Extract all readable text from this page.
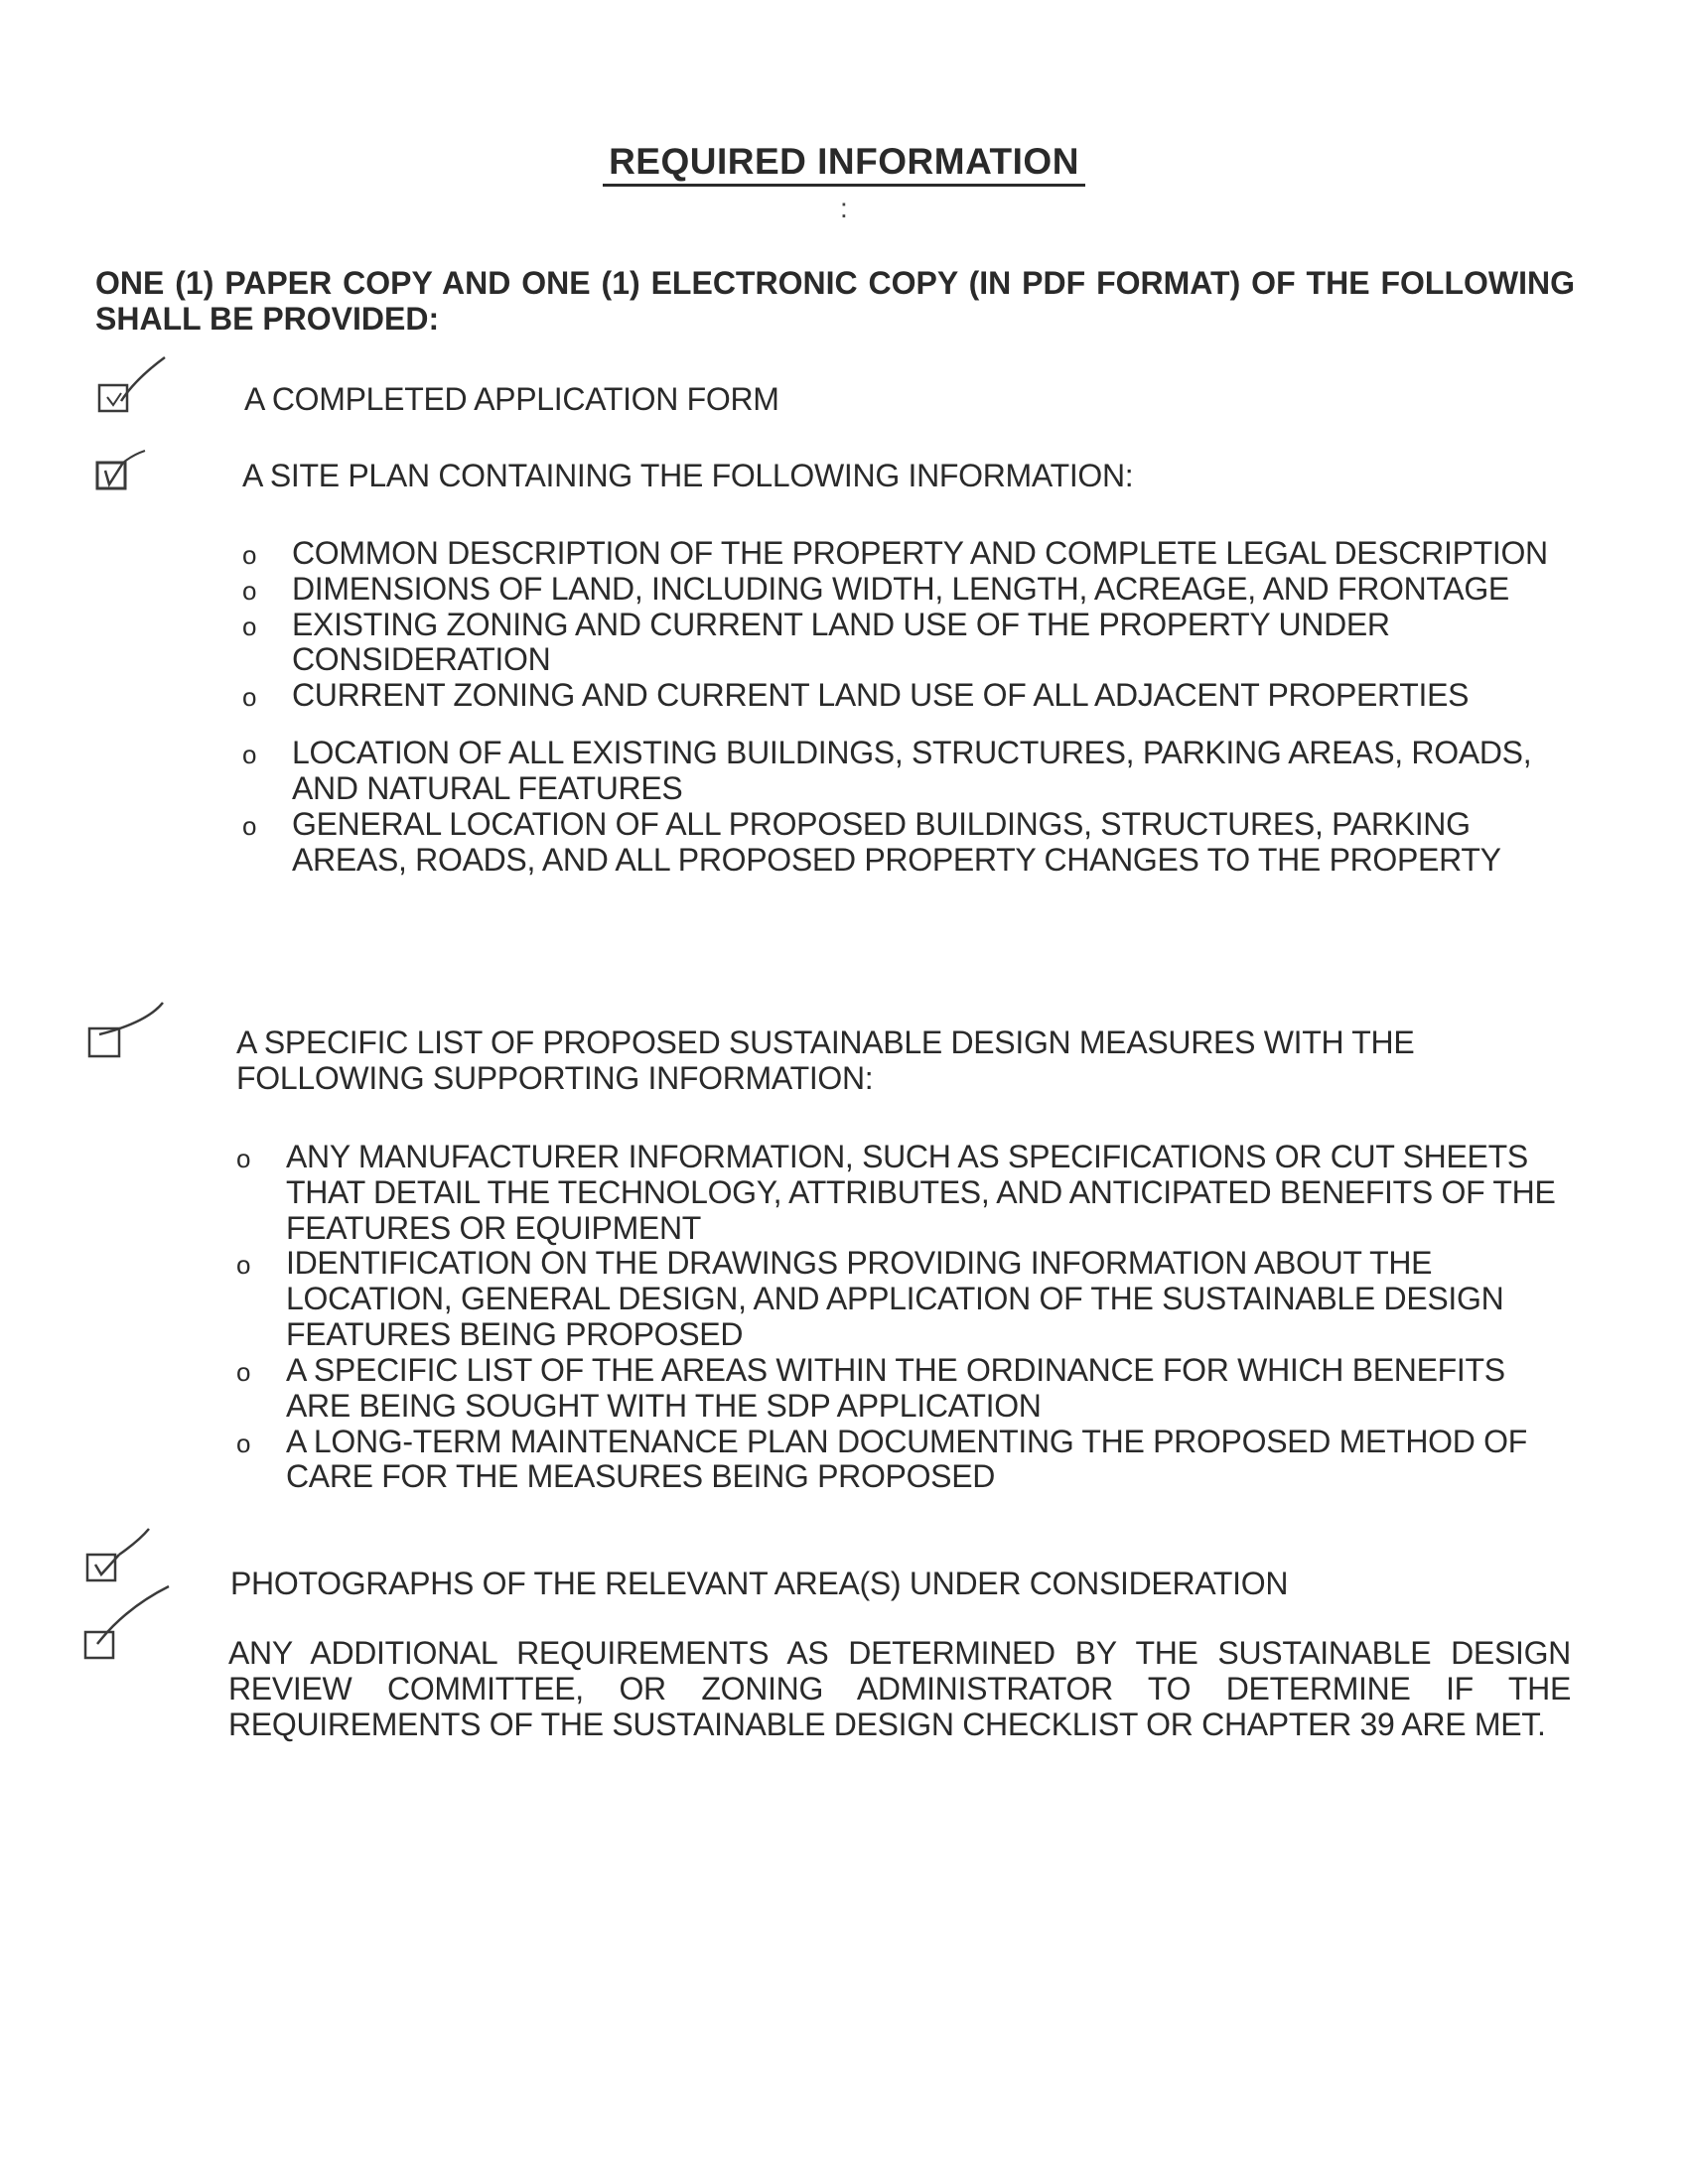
REQUIRED INFORMATION
:
ONE (1) PAPER COPY AND ONE (1) ELECTRONIC COPY (IN PDF FORMAT) OF THE FOLLOWING SHALL BE PROVIDED:
A COMPLETED APPLICATION FORM
A SITE PLAN CONTAINING THE FOLLOWING INFORMATION:
o COMMON DESCRIPTION OF THE PROPERTY AND COMPLETE LEGAL DESCRIPTION
o DIMENSIONS OF LAND, INCLUDING WIDTH, LENGTH, ACREAGE, AND FRONTAGE
o EXISTING ZONING AND CURRENT LAND USE OF THE PROPERTY UNDER CONSIDERATION
o CURRENT ZONING AND CURRENT LAND USE OF ALL ADJACENT PROPERTIES
o LOCATION OF ALL EXISTING BUILDINGS, STRUCTURES, PARKING AREAS, ROADS, AND NATURAL FEATURES
o GENERAL LOCATION OF ALL PROPOSED BUILDINGS, STRUCTURES, PARKING AREAS, ROADS, AND ALL PROPOSED PROPERTY CHANGES TO THE PROPERTY
A SPECIFIC LIST OF PROPOSED SUSTAINABLE DESIGN MEASURES WITH THE FOLLOWING SUPPORTING INFORMATION:
o ANY MANUFACTURER INFORMATION, SUCH AS SPECIFICATIONS OR CUT SHEETS THAT DETAIL THE TECHNOLOGY, ATTRIBUTES, AND ANTICIPATED BENEFITS OF THE FEATURES OR EQUIPMENT
o IDENTIFICATION ON THE DRAWINGS PROVIDING INFORMATION ABOUT THE LOCATION, GENERAL DESIGN, AND APPLICATION OF THE SUSTAINABLE DESIGN FEATURES BEING PROPOSED
o A SPECIFIC LIST OF THE AREAS WITHIN THE ORDINANCE FOR WHICH BENEFITS ARE BEING SOUGHT WITH THE SDP APPLICATION
o A LONG-TERM MAINTENANCE PLAN DOCUMENTING THE PROPOSED METHOD OF CARE FOR THE MEASURES BEING PROPOSED
PHOTOGRAPHS OF THE RELEVANT AREA(S) UNDER CONSIDERATION
ANY ADDITIONAL REQUIREMENTS AS DETERMINED BY THE SUSTAINABLE DESIGN REVIEW COMMITTEE, OR ZONING ADMINISTRATOR TO DETERMINE IF THE REQUIREMENTS OF THE SUSTAINABLE DESIGN CHECKLIST OR CHAPTER 39 ARE MET.
